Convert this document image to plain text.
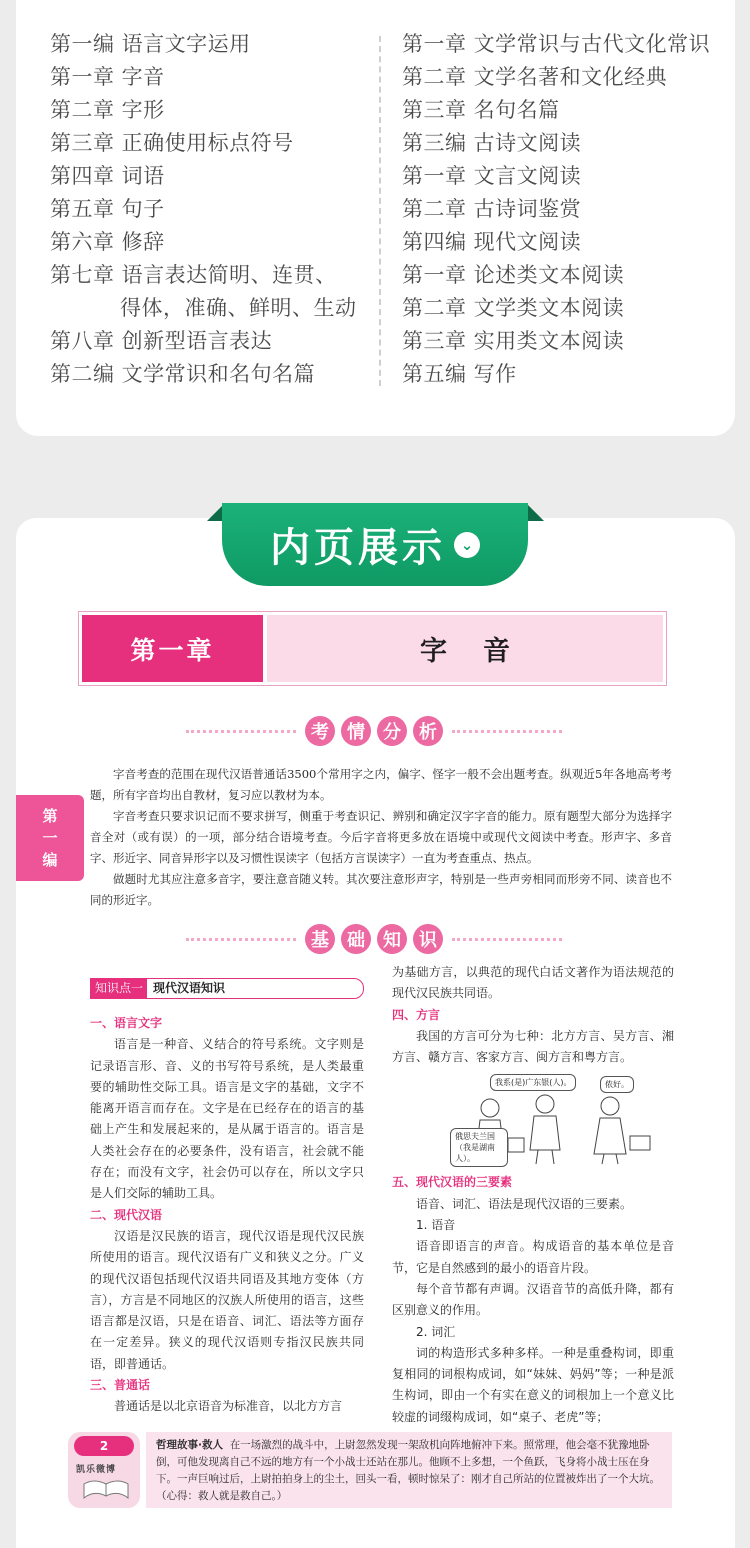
第一编 语言文字运用
第一章 字音
第二章 字形
第三章 正确使用标点符号
第四章 词语
第五章 句子
第六章 修辞
第七章 语言表达简明、连贯、
得体，准确、鲜明、生动
第八章 创新型语言表达
第二编 文学常识和名句名篇
第一章 文学常识与古代文化常识
第二章 文学名著和文化经典
第三章 名句名篇
第三编 古诗文阅读
第一章 文言文阅读
第二章 古诗词鉴赏
第四编 现代文阅读
第一章 论述类文本阅读
第二章 文学类文本阅读
第三章 实用类文本阅读
第五编 写作
内页展示 ⌄
第一章	字音
考	情	分	析
第
一
编

字音考查的范围在现代汉语普通话3500个常用字之内，偏字、怪字一般不会出题考查。纵观近5年各地高考考题，所有字音均出自教材，复习应以教材为本。

字音考查只要求识记而不要求拼写，侧重于考查识记、辨别和确定汉字字音的能力。原有题型大部分为选择字音全对（或有误）的一项，部分结合语境考查。今后字音将更多放在语境中或现代文阅读中考查。形声字、多音字、形近字、同音异形字以及习惯性误读字（包括方言误读字）一直为考查重点、热点。

做题时尤其应注意多音字，要注意音随义转。其次要注意形声字，特别是一些声旁相同而形旁不同、读音也不同的形近字。

基	础	知	识
知识点一 现代汉语知识
一、语言文字
语言是一种音、义结合的符号系统。文字则是记录语言形、音、义的书写符号系统，是人类最重要的辅助性交际工具。语言是文字的基础，文字不能离开语言而存在。文字是在已经存在的语言的基础上产生和发展起来的，是从属于语言的。语言是人类社会存在的必要条件，没有语言，社会就不能存在；而没有文字，社会仍可以存在，所以文字只是人们交际的辅助工具。
二、现代汉语
汉语是汉民族的语言，现代汉语是现代汉民族所使用的语言。现代汉语有广义和狭义之分。广义的现代汉语包括现代汉语共同语及其地方变体（方言），方言是不同地区的汉族人所使用的语言，这些语言都是汉语，只是在语音、词汇、语法等方面存在一定差异。狭义的现代汉语则专指汉民族共同语，即普通话。
三、普通话
普通话是以北京语音为标准音，以北方方言
为基础方言，以典范的现代白话文著作为语法规范的现代汉民族共同语。
四、方言
我国的方言可分为七种：北方方言、吴方言、湘方言、赣方言、客家方言、闽方言和粤方言。
我系(是)广东银(人)。	侬好。
俄思夫兰国（我是湖南人）。
五、现代汉语的三要素
语音、词汇、语法是现代汉语的三要素。
1. 语音
语音即语言的声音。构成语音的基本单位是音节，它是自然感到的最小的语音片段。
每个音节都有声调。汉语音节的高低升降，都有区别意义的作用。
2. 词汇
词的构造形式多种多样。一种是重叠构词，即重复相同的词根构成词，如“妹妹、妈妈”等；一种是派生构词，即由一个有实在意义的词根加上一个意义比较虚的词缀构成词，如“桌子、老虎”等；
2
凯乐微博
哲理故事·救人 在一场激烈的战斗中，上尉忽然发现一架敌机向阵地俯冲下来。照常理，他会毫不犹豫地卧倒，可他发现离自己不远的地方有一个小战士还站在那儿。他顾不上多想，一个鱼跃，飞身将小战士压在身下。一声巨响过后，上尉拍拍身上的尘土，回头一看，顿时惊呆了：刚才自己所站的位置被炸出了一个大坑。（心得：救人就是救自己。）
